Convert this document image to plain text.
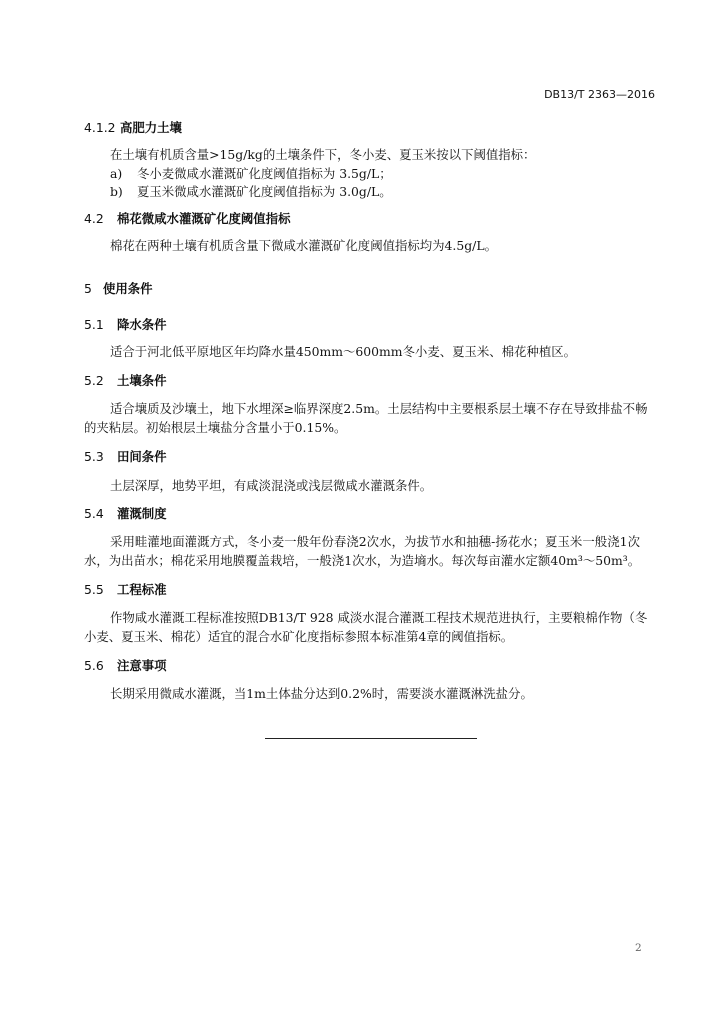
DB13/T 2363—2016
4.1.2 高肥力土壤
在土壤有机质含量>15g/kg的土壤条件下，冬小麦、夏玉米按以下阈值指标：
a) 冬小麦微咸水灌溉矿化度阈值指标为 3.5g/L；
b) 夏玉米微咸水灌溉矿化度阈值指标为 3.0g/L。
4.2 棉花微咸水灌溉矿化度阈值指标
棉花在两种土壤有机质含量下微咸水灌溉矿化度阈值指标均为4.5g/L。
5 使用条件
5.1 降水条件
适合于河北低平原地区年均降水量450mm～600mm冬小麦、夏玉米、棉花种植区。
5.2 土壤条件
适合壤质及沙壤土，地下水埋深≥临界深度2.5m。土层结构中主要根系层土壤不存在导致排盐不畅
的夹粘层。初始根层土壤盐分含量小于0.15%。
5.3 田间条件
土层深厚，地势平坦，有咸淡混浇或浅层微咸水灌溉条件。
5.4 灌溉制度
采用畦灌地面灌溉方式，冬小麦一般年份春浇2次水，为拔节水和抽穗-扬花水；夏玉米一般浇1次
水，为出苗水；棉花采用地膜覆盖栽培，一般浇1次水，为造墒水。每次每亩灌水定额40m³～50m³。
5.5 工程标准
作物咸水灌溉工程标准按照DB13/T 928 咸淡水混合灌溉工程技术规范进执行，主要粮棉作物（冬
小麦、夏玉米、棉花）适宜的混合水矿化度指标参照本标准第4章的阈值指标。
5.6 注意事项
长期采用微咸水灌溉，当1m土体盐分达到0.2%时，需要淡水灌溉淋洗盐分。
2
